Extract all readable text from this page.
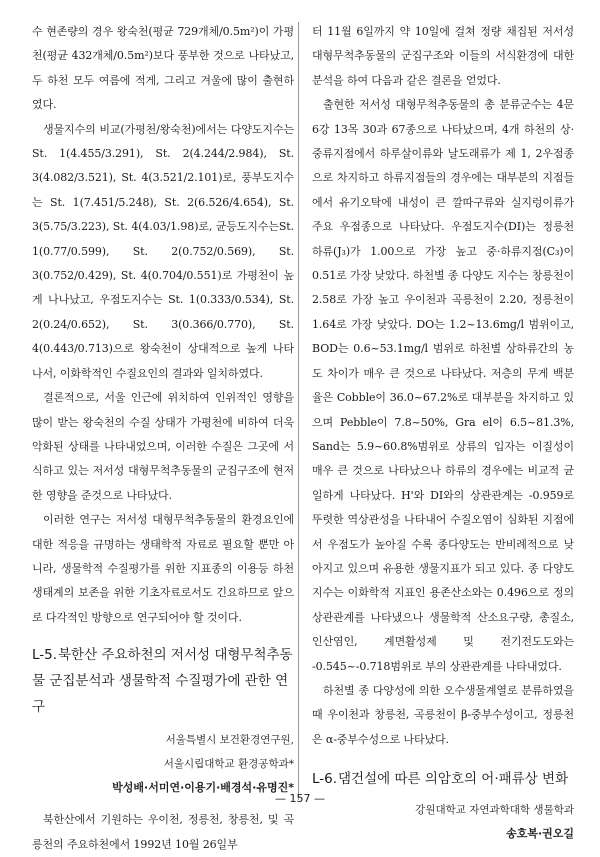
수 현존량의 경우 왕숙천(평균 729개체/0.5m²)이 가평천(평균 432개체/0.5m²)보다 풍부한 것으로 나타났고, 두 하천 모두 여름에 적게, 그리고 겨울에 많이 출현하였다.

생물지수의 비교(가평천/왕숙천)에서는 다양도지수는 St. 1(4.455/3.291), St. 2(4.244/2.984), St. 3(4.082/3.521), St. 4(3.521/2.101)로, 풍부도지수는 St. 1(7.451/5.248), St. 2(6.526/4.654), St. 3(5.75/3.223), St. 4(4.03/1.98)로, 균등도지수는St. 1(0.77/0.599), St. 2(0.752/0.569), St. 3(0.752/0.429), St. 4(0.704/0.551)로 가평천이 높게 나나났고, 우점도지수는 St. 1(0.333/0.534), St. 2(0.24/0.652), St. 3(0.366/0.770), St. 4(0.443/0.713)으로 왕숙천이 상대적으로 높게 나타나서, 이화학적인 수질요인의 결과와 일치하였다.

결론적으로, 서울 인근에 위치하여 인위적인 영향을 많이 받는 왕숙천의 수질 상태가 가평천에 비하여 더욱 악화된 상태를 나타내었으며, 이러한 수질은 그곳에 서식하고 있는 저서성 대형무척추동물의 군집구조에 현저한 영향을 준것으로 나타났다.

이러한 연구는 저서성 대형무척추동물의 환경요인에 대한 적응을 규명하는 생태학적 자료로 필요할 뿐만 아니라, 생물학적 수질평가를 위한 지표종의 이용등 하천생태계의 보존을 위한 기초자료로서도 긴요하므로 앞으로 다각적인 방향으로 연구되어야 할 것이다.

L-5.북한산 주요하천의 저서성 대형무척추동물 군집분석과 생물학적 수질평가에 관한 연구

서울특별시 보건환경연구원,

서울시립대학교 환경공학과*

박성배·서미연·이용기·배경석·유명진*

북한산에서 기원하는 우이천, 정릉천, 창릉천, 및 곡릉천의 주요하천에서 1992년 10월 26일부

터 11월 6일까지 약 10일에 걸쳐 정량 채집된 저서성 대형무척추동물의 군집구조와 이들의 서식환경에 대한 분석을 하여 다음과 같은 결론을 얻었다.

출현한 저서성 대형무척추동물의 총 분류군수는 4문 6강 13목 30과 67종으로 나타났으며, 4개 하천의 상·중류지점에서 하루살이류와 날도래류가 제 1, 2우점종으로 차지하고 하류지점들의 경우에는 대부분의 지점들에서 유기오탁에 내성이 큰 깔따구류와 실지렁이류가 주요 우점종으로 나타났다. 우점도지수(DI)는 정릉천 하류(J₃)가 1.00으로 가장 높고 중·하류지점(C₃)이 0.51로 가장 낮았다. 하천별 종 다양도 지수는 창릉천이 2.58로 가장 높고 우이천과 곡릉천이 2.20, 정릉천이 1.64로 가장 낮았다. DO는 1.2~13.6mg/l 범위이고, BOD는 0.6~53.1mg/l 범위로 하천별 상하류간의 농도 차이가 매우 큰 것으로 나타났다. 저층의 무게 백분율은 Cobble이 36.0~67.2%로 대부분을 차지하고 있으며 Pebble이 7.8~50%, Gra el이 6.5~81.3%, Sand는 5.9~60.8%범위로 상류의 입자는 이질성이 매우 큰 것으로 나타났으나 하류의 경우에는 비교적 균일하게 나타났다. H'와 DI와의 상관관계는 -0.959로 뚜렷한 역상관성을 나타내어 수질오염이 심화된 지점에서 우점도가 높아질 수록 종다양도는 반비례적으로 낮아지고 있으며 유용한 생물지표가 되고 있다. 종 다양도 지수는 이화학적 지표인 용존산소와는 0.496으로 정의 상관관계를 나타냈으나 생물학적 산소요구량, 총질소, 인산염인, 계면활성제 및 전기전도도와는 -0.545~-0.718범위로 부의 상관관계를 나타내었다.

하천별 종 다양성에 의한 오수생물계열로 분류하였을 때 우이천과 창릉천, 곡릉천이 β-중부수성이고, 정릉천은 α-중부수성으로 나타났다.

L-6.댐건설에 따른 의암호의 어·패류상 변화

강원대학교 자연과학대학 생물학과

송호복·권오길

— 157 —
